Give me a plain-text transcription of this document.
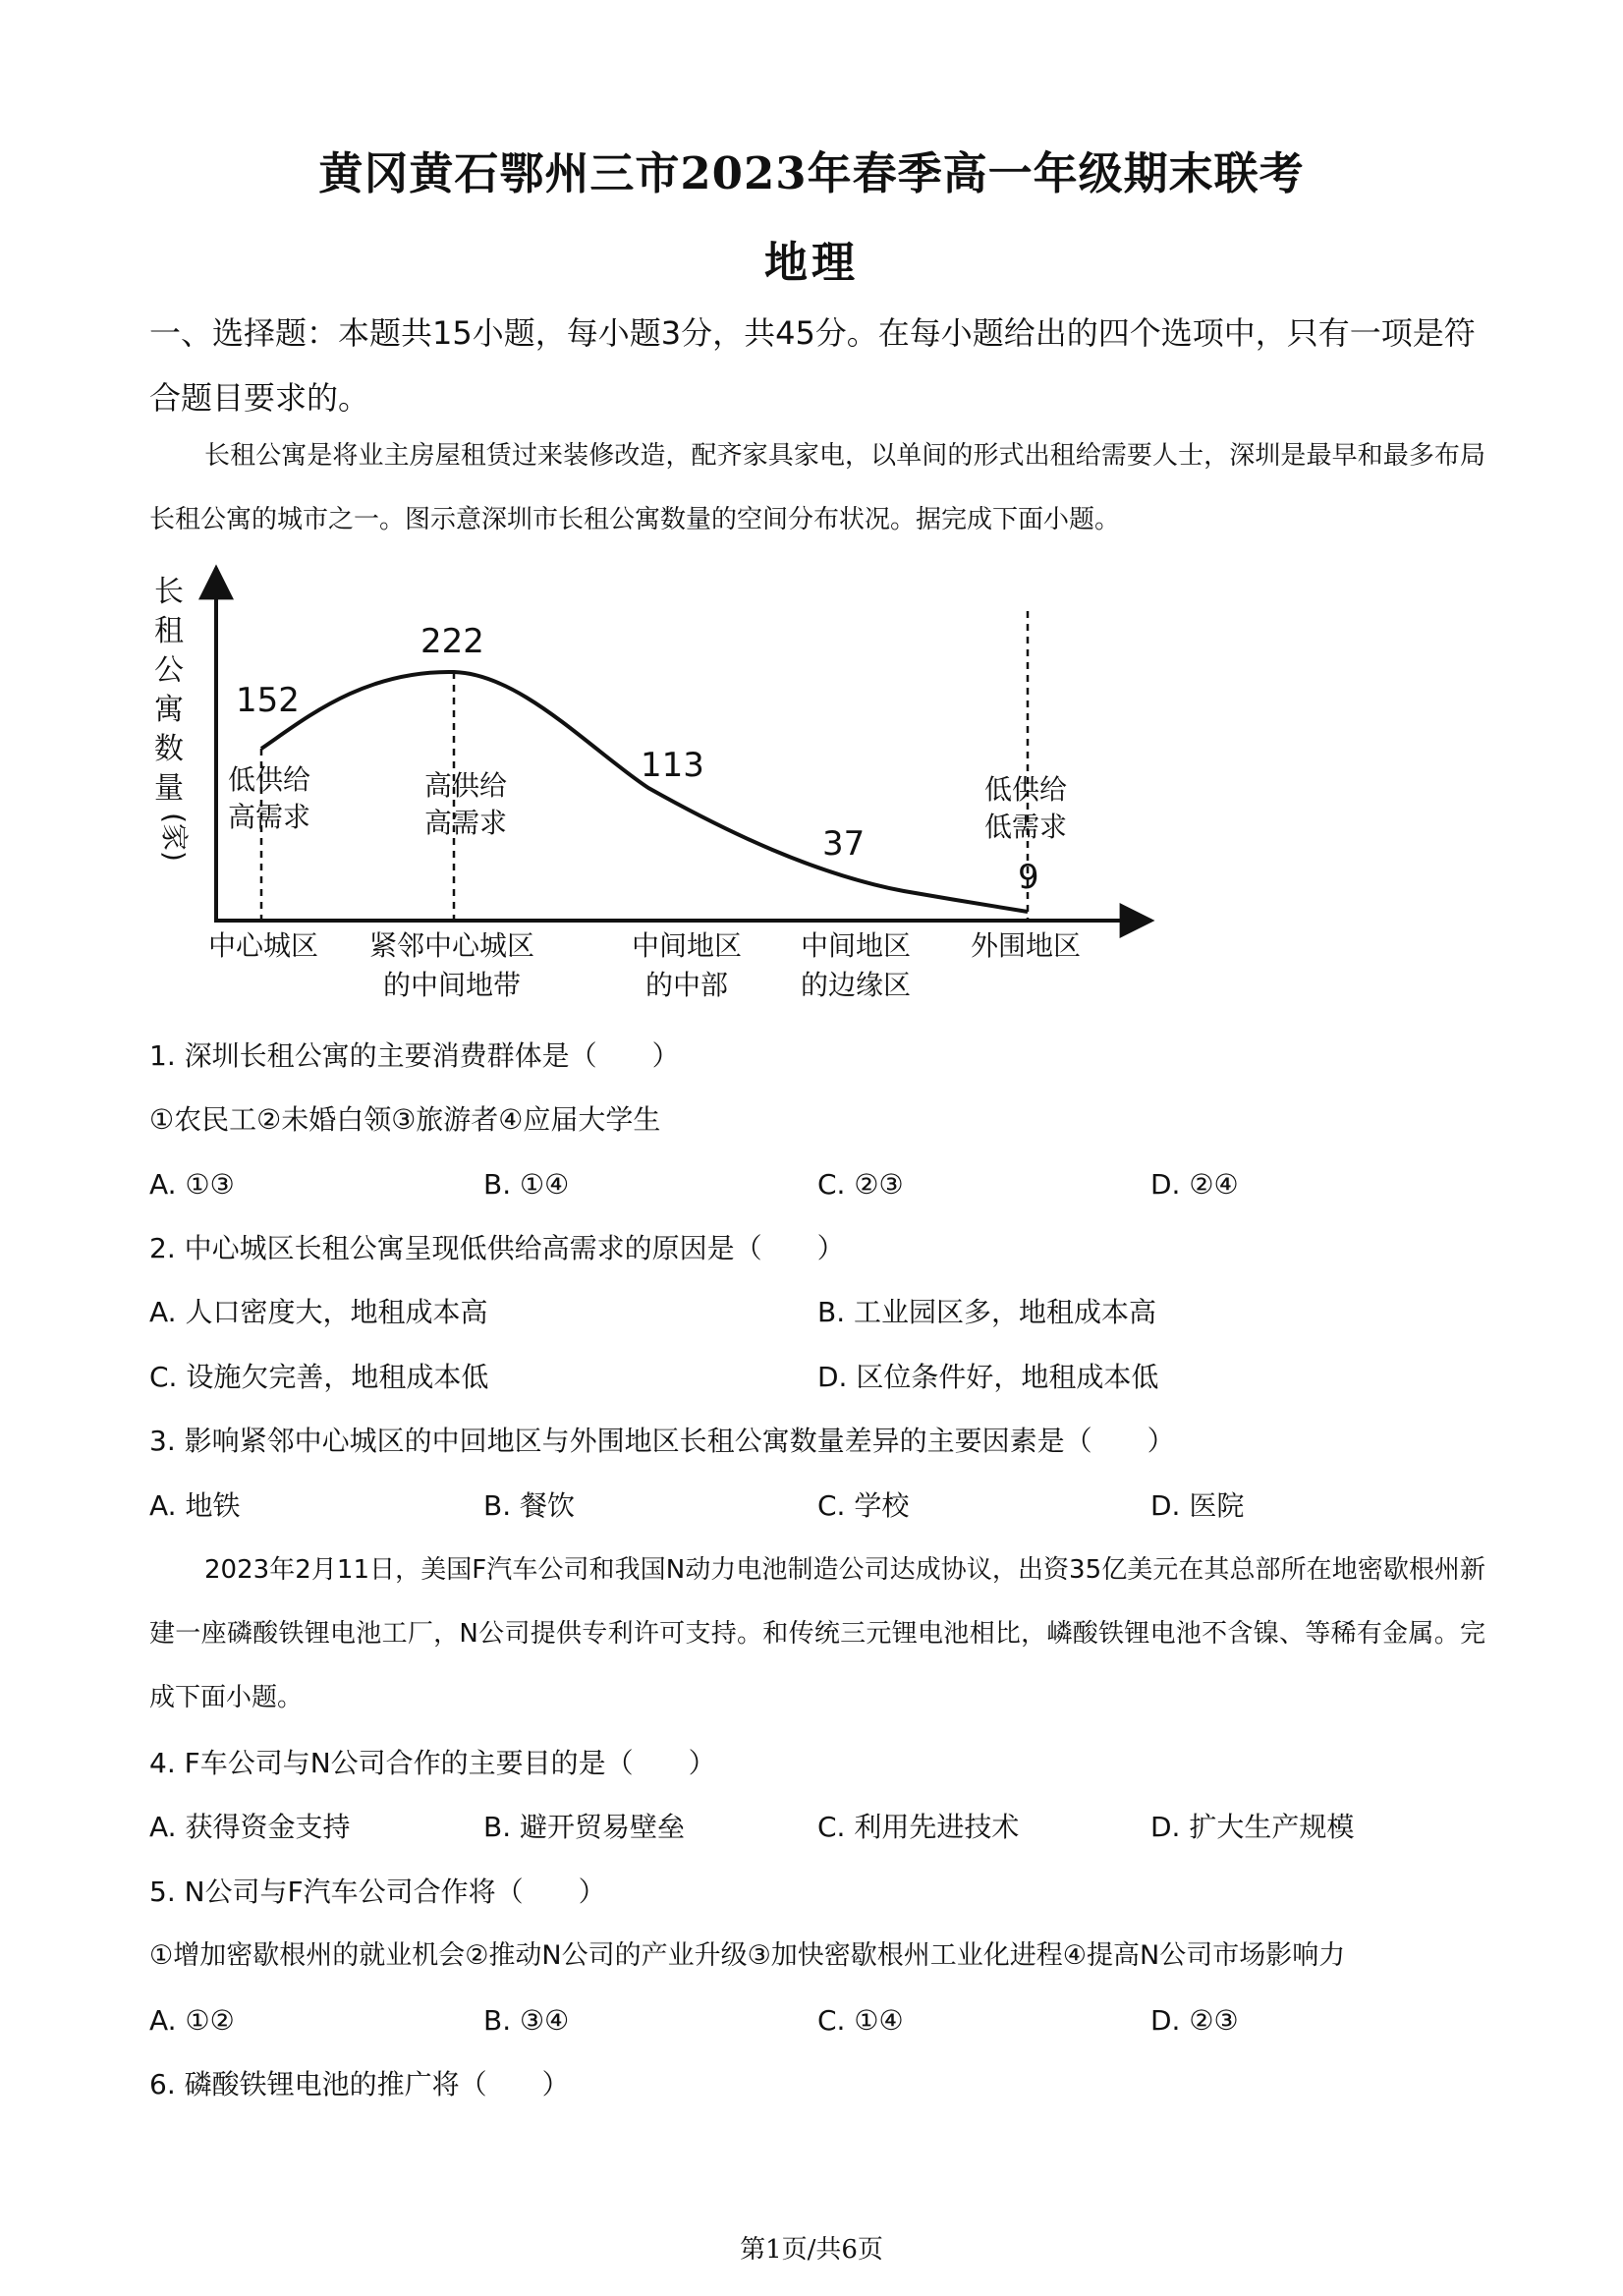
黄冈黄石鄂州三市2023年春季高一年级期末联考
地理
一、选择题：本题共15小题，每小题3分，共45分。在每小题给出的四个选项中，只有一项是符合题目要求的。
长租公寓是将业主房屋租赁过来装修改造，配齐家具家电，以单间的形式出租给需要人士，深圳是最早和最多布局长租公寓的城市之一。图示意深圳市长租公寓数量的空间分布状况。据完成下面小题。
长
租
公
寓
数
量
(家)
152
222
113
37
9
低供给
高需求
高供给
高需求
低供给
低需求
中心城区 紧邻中心城区
的中间地带
中间地区
的中部
中间地区
的边缘区
外围地区
1. 深圳长租公寓的主要消费群体是（　　）
①农民工②未婚白领③旅游者④应届大学生
A. ①③	B. ①④	C. ②③	D. ②④
2. 中心城区长租公寓呈现低供给高需求的原因是（　　）
A. 人口密度大，地租成本高	B. 工业园区多，地租成本高
C. 设施欠完善，地租成本低	D. 区位条件好，地租成本低
3. 影响紧邻中心城区的中回地区与外围地区长租公寓数量差异的主要因素是（　　）
A. 地铁	B. 餐饮	C. 学校	D. 医院
2023年2月11日，美国F汽车公司和我国N动力电池制造公司达成协议，出资35亿美元在其总部所在地密歇根州新建一座磷酸铁锂电池工厂，N公司提供专利许可支持。和传统三元锂电池相比，嶙酸铁锂电池不含镍、等稀有金属。完成下面小题。
4. F车公司与N公司合作的主要目的是（　　）
A. 获得资金支持	B. 避开贸易壁垒	C. 利用先进技术	D. 扩大生产规模
5. N公司与F汽车公司合作将（　　）
①增加密歇根州的就业机会②推动N公司的产业升级③加快密歇根州工业化进程④提高N公司市场影响力
A. ①②	B. ③④	C. ①④	D. ②③
6. 磷酸铁锂电池的推广将（　　）
第1页/共6页
